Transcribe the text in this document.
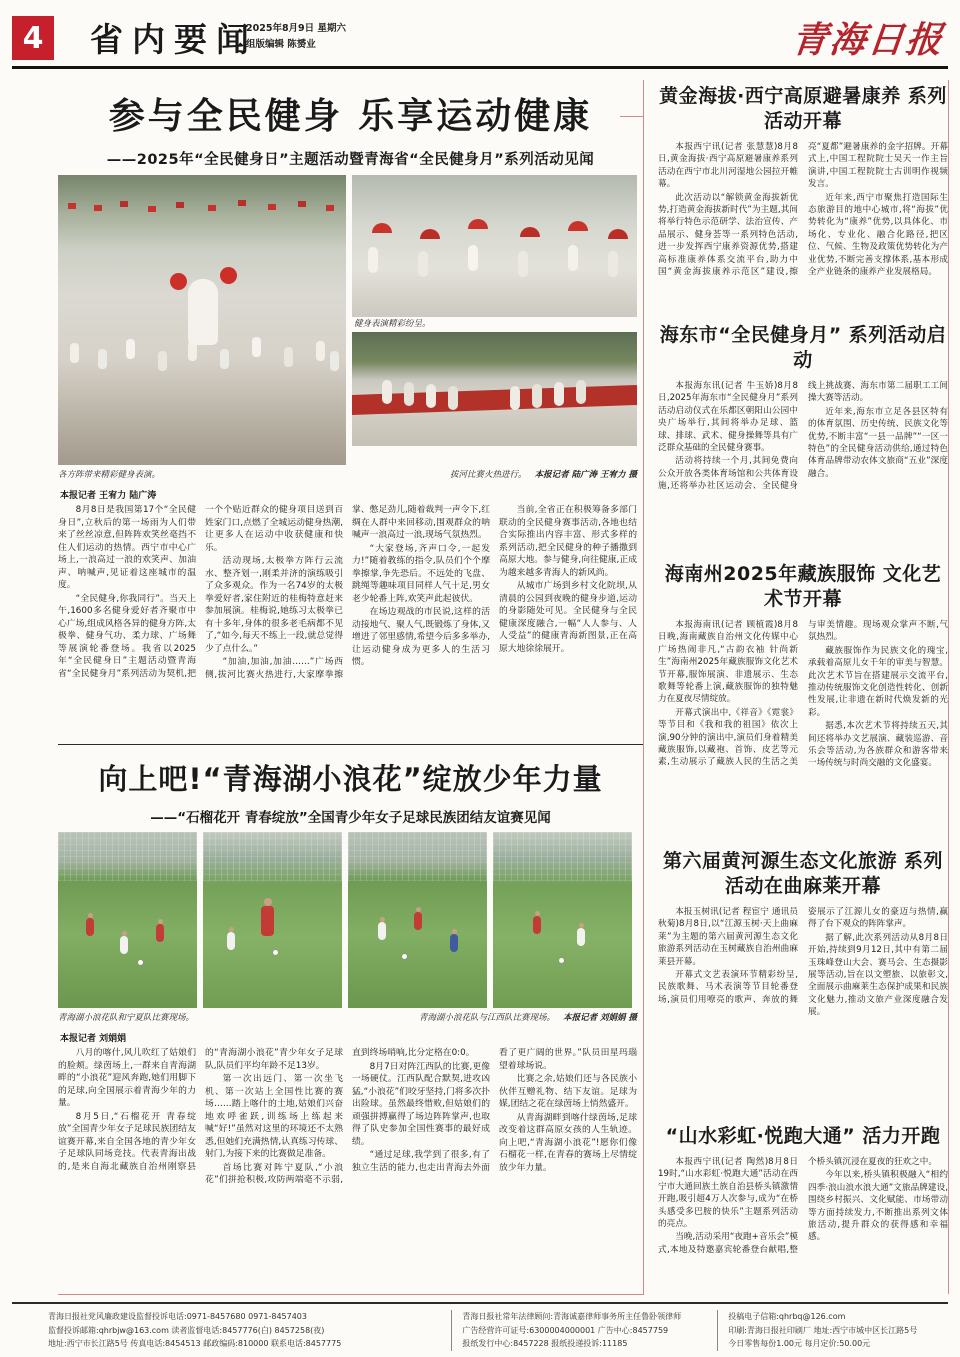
4	省内要闻
2025年8月9日 星期六
组版编辑 陈赟业	青海日报
参与全民健身 乐享运动健康
——2025年“全民健身日”主题活动暨青海省“全民健身月”系列活动见闻
健身表演精彩纷呈。
各方阵带来精彩健身表演。	拔河比赛火热进行。 本报记者 陆广涛 王宥力 摄
本报记者 王宥力 陆广涛

8月8日是我国第17个“全民健身日”,立秋后的第一场雨为人们带来了丝丝凉意,但阵阵欢笑丝毫挡不住人们运动的热情。西宁市中心广场上,一浪高过一浪的欢笑声、加油声、呐喊声,见证着这座城市的温度。

“全民健身,你我同行”。当天上午,1600多名健身爱好者齐聚市中心广场,组成风格各异的健身方阵,太极拳、健身气功、柔力球、广场舞等展演轮番登场。我省以2025年“全民健身日”主题活动暨青海省“全民健身月”系列活动为契机,把一个个贴近群众的健身项目送到百姓家门口,点燃了全城运动健身热潮,让更多人在运动中收获健康和快乐。

活动现场,太极拳方阵行云流水、整齐划一,刚柔并济的演练吸引了众多观众。作为一名74岁的太极拳爱好者,家住附近的桂梅特意赶来参加展演。桂梅说,她练习太极拳已有十多年,身体的很多老毛病都不见了,“如今,每天不练上一段,就总觉得少了点什么。”

“加油,加油,加油……”广场西侧,拔河比赛火热进行,大家摩拳擦掌、憋足劲儿,随着裁判一声令下,红绸在人群中来回移动,围观群众的呐喊声一浪高过一浪,现场气氛热烈。

“大家登场,齐声口令,一起发力!”随着教练的指令,队员们个个摩拳擦掌,争先恐后。不远处的飞盘、跳绳等趣味项目同样人气十足,男女老少轮番上阵,欢笑声此起彼伏。

在场边观战的市民说,这样的活动接地气、聚人气,既锻炼了身体,又增进了邻里感情,希望今后多多举办,让运动健身成为更多人的生活习惯。

当前,全省正在积极筹备多部门联动的全民健身赛事活动,各地也结合实际推出内容丰富、形式多样的系列活动,把全民健身的种子播撒到高原大地。参与健身,向往健康,正成为越来越多青海人的新风尚。

从城市广场到乡村文化院坝,从清晨的公园到夜晚的健身步道,运动的身影随处可见。全民健身与全民健康深度融合,一幅“人人参与、人人受益”的健康青海新图景,正在高原大地徐徐展开。

向上吧!“青海湖小浪花”绽放少年力量
——“石榴花开 青春绽放”全国青少年女子足球民族团结友谊赛见闻
青海湖小浪花队和宁夏队比赛现场。	青海湖小浪花队与江西队比赛现场。 本报记者 刘娟娟 摄
本报记者 刘娟娟

八月的喀什,风儿吹红了姑娘们的脸颊。绿茵场上,一群来自青海湖畔的“小浪花”迎风奔跑,她们用脚下的足球,向全国展示着青海少年的力量。

8月5日,“石榴花开 青春绽放”全国青少年女子足球民族团结友谊赛开幕,来自全国各地的青少年女子足球队同场竞技。代表青海出战的,是来自海北藏族自治州刚察县的“青海湖小浪花”青少年女子足球队,队员们平均年龄不足13岁。

第一次出远门、第一次坐飞机、第一次站上全国性比赛的赛场……踏上喀什的土地,姑娘们兴奋地欢呼雀跃,训练场上练起来喊“好!”虽然对这里的环境还不太熟悉,但她们充满热情,认真练习传球、射门,为接下来的比赛做足准备。

首场比赛对阵宁夏队,“小浪花”们拼抢积极,攻防两端毫不示弱,直到终场哨响,比分定格在0:0。

8月7日对阵江西队的比赛,更像一场硬仗。江西队配合默契,进攻凶猛,“小浪花”们咬牙坚持,门将多次扑出险球。虽然最终惜败,但姑娘们的顽强拼搏赢得了场边阵阵掌声,也取得了队史参加全国性赛事的最好成绩。

“通过足球,我学到了很多,有了独立生活的能力,也走出青海去外面看了更广阔的世界。”队员田星玛瑙望着球场说。

比赛之余,姑娘们还与各民族小伙伴互赠礼物、结下友谊。足球为媒,团结之花在绿茵场上悄然盛开。

从青海湖畔到喀什绿茵场,足球改变着这群高原女孩的人生轨迹。向上吧,“青海湖小浪花”!愿你们像石榴花一样,在青春的赛场上尽情绽放少年力量。

黄金海拔·西宁高原避暑康养 系列活动开幕

本报西宁讯(记者 张慧慧)8月8日,黄金海拔·西宁高原避暑康养系列活动在西宁市北川河湿地公园拉开帷幕。

此次活动以“解锁黄金海拔新优势,打造黄金海拔新时代”为主题,其间将举行特色示范研学、法治宣传、产品展示、健身荟等一系列特色活动,进一步发挥西宁康养资源优势,搭建高标准康养体系交流平台,助力中国“黄金海拔康养示范区”建设,擦亮“夏都”避暑康养的金字招牌。开幕式上,中国工程院院士吴天一作主旨演讲,中国工程院院士古训明作视频发言。

近年来,西宁市聚焦打造国际生态旅游目的地中心城市,将“海拔”优势转化为“康养”优势,以具体化、市场化、专业化、融合化路径,把区位、气候、生物及政策优势转化为产业优势,不断完善支撑体系,基本形成全产业链条的康养产业发展格局。

海东市“全民健身月” 系列活动启动

本报海东讯(记者 牛玉娇)8月8日,2025年海东市“全民健身月”系列活动启动仪式在乐都区朝阳山公园中央广场举行,其间将举办足球、篮球、排球、武术、健身操舞等具有广泛群众基础的全民健身赛事。

活动将持续一个月,其间免费向公众开放各类体育场馆和公共体育设施,还将举办社区运动会、全民健身线上挑战赛、海东市第二届职工工间操大赛等活动。

近年来,海东市立足各县区特有的体育氛围、历史传统、民族文化等优势,不断丰富“一县一品牌”“一区一特色”的全民健身活动供给,通过特色体育品牌带动农体文旅商“五业”深度融合。

海南州2025年藏族服饰 文化艺术节开幕

本报海南讯(记者 顾植霞)8月8日晚,海南藏族自治州文化传媒中心广场热闹非凡,“古韵衣袖 针尚新生”海南州2025年藏族服饰文化艺术节开幕,服饰展演、非遗展示、生态歌舞等轮番上演,藏族服饰的独特魅力在夏夜尽情绽放。

开幕式演出中,《祥音》《霓裳》等节目和《我和我的祖国》依次上演,90分钟的演出中,演员们身着精美藏族服饰,以藏袍、首饰、皮艺等元素,生动展示了藏族人民的生活之美与审美情趣。现场观众掌声不断,气氛热烈。

藏族服饰作为民族文化的瑰宝,承载着高原儿女千年的审美与智慧。此次艺术节旨在搭建展示交流平台,推动传统服饰文化创造性转化、创新性发展,让非遗在新时代焕发新的光彩。

据悉,本次艺术节将持续五天,其间还将举办文艺展演、藏装巡游、音乐会等活动,为各族群众和游客带来一场传统与时尚交融的文化盛宴。

第六届黄河源生态文化旅游 系列活动在曲麻莱开幕

本报玉树讯(记者 程宦宁 通讯员 秋菊)8月8日,以“江源玉树·天上曲麻莱”为主题的第六届黄河源生态文化旅游系列活动在玉树藏族自治州曲麻莱县开幕。

开幕式文艺表演环节精彩纷呈,民族歌舞、马术表演等节目轮番登场,演员们用嘹亮的歌声、奔放的舞姿展示了江源儿女的豪迈与热情,赢得了台下观众的阵阵掌声。

据了解,此次系列活动从8月8日开始,持续到9月12日,其中有第二届玉珠峰登山大会、赛马会、生态摄影展等活动,旨在以文塑旅、以旅彰文,全面展示曲麻莱生态保护成果和民族文化魅力,推动文旅产业深度融合发展。

“山水彩虹·悦跑大通” 活力开跑

本报西宁讯(记者 陶然)8月8日19时,“山水彩虹·悦跑大通”活动在西宁市大通回族土族自治县桥头镇激情开跑,吸引超4万人次参与,成为“在桥头感受多巴胺的快乐”主题系列活动的亮点。

当晚,活动采用“夜跑+音乐会”模式,本地及特邀嘉宾轮番登台献唱,整个桥头镇沉浸在夏夜的狂欢之中。

今年以来,桥头镇积极融入“相约四季·浪山浪水浪大通”文旅品牌建设,围绕乡村振兴、文化赋能、市场带动等方面持续发力,不断推出系列文体旅活动,提升群众的获得感和幸福感。

青海日报社党风廉政建设监督投诉电话:0971-8457680 0971-8457403
监督投诉邮箱:qhrbjw@163.com 读者监督电话:8457776(白) 8457258(夜)
地址:西宁市长江路5号 传真电话:8454513 邮政编码:810000 联系电话:8457775
青海日报社常年法律顾问:青海诚嘉律师事务所主任鲁卧领律师
广告经营许可证号:6300004000001 广告中心:8457759
报纸发行中心:8457228 报纸投递投诉:11185
投稿电子信箱:qhrbq@126.com
印刷:青海日报社印刷厂 地址:西宁市城中区长江路5号
今日零售每份1.00元 每月定价:50.00元
